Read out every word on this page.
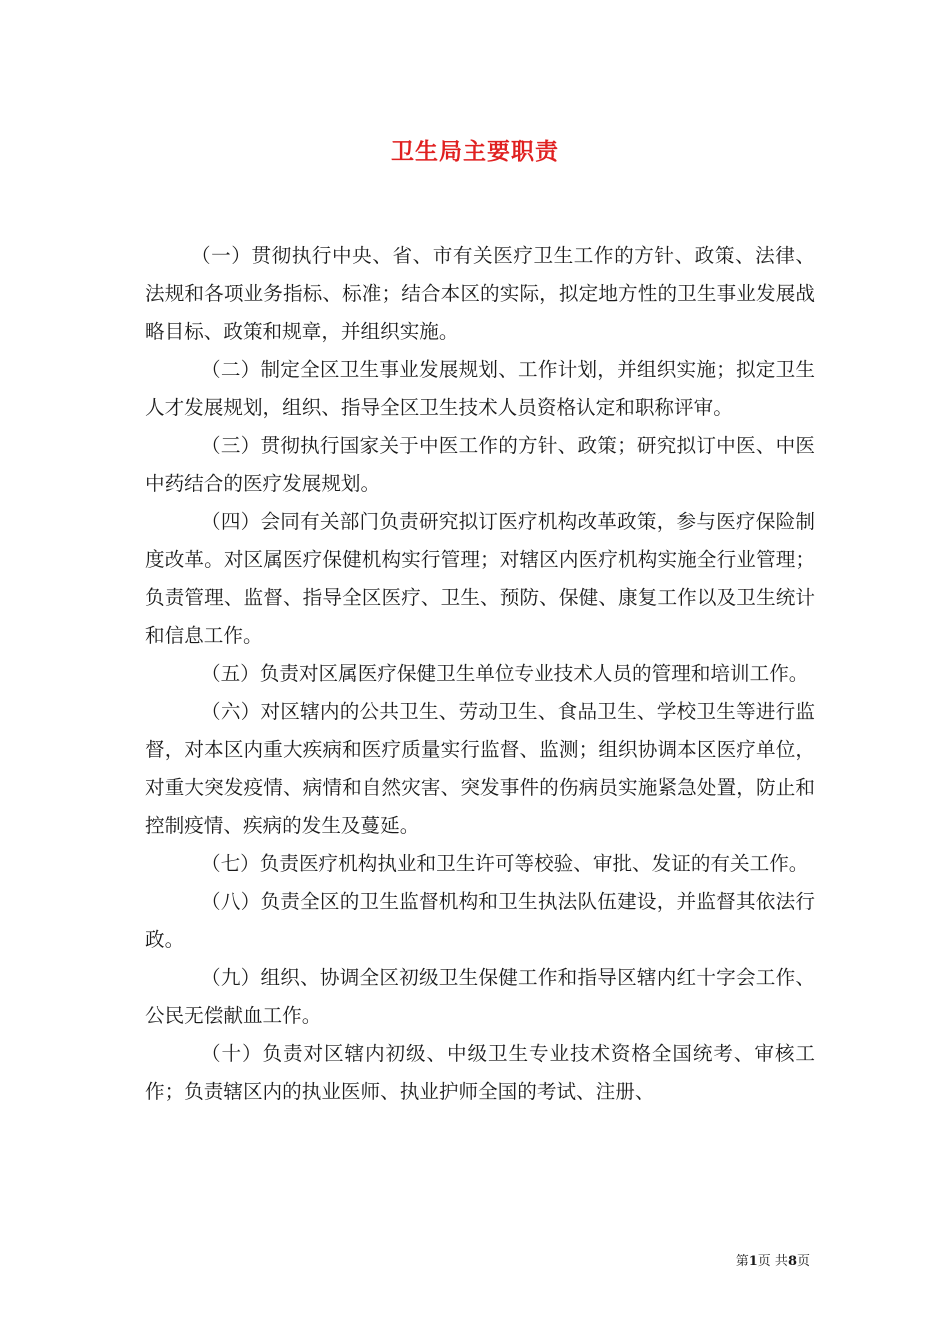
卫生局主要职责

（一）贯彻执行中央、省、市有关医疗卫生工作的方针、政策、法律、法规和各项业务指标、标准；结合本区的实际，拟定地方性的卫生事业发展战略目标、政策和规章，并组织实施。

（二）制定全区卫生事业发展规划、工作计划，并组织实施；拟定卫生人才发展规划，组织、指导全区卫生技术人员资格认定和职称评审。

（三）贯彻执行国家关于中医工作的方针、政策；研究拟订中医、中医中药结合的医疗发展规划。

（四）会同有关部门负责研究拟订医疗机构改革政策，参与医疗保险制度改革。对区属医疗保健机构实行管理；对辖区内医疗机构实施全行业管理；负责管理、监督、指导全区医疗、卫生、预防、保健、康复工作以及卫生统计和信息工作。

（五）负责对区属医疗保健卫生单位专业技术人员的管理和培训工作。

（六）对区辖内的公共卫生、劳动卫生、食品卫生、学校卫生等进行监督，对本区内重大疾病和医疗质量实行监督、监测；组织协调本区医疗单位，对重大突发疫情、病情和自然灾害、突发事件的伤病员实施紧急处置，防止和控制疫情、疾病的发生及蔓延。

（七）负责医疗机构执业和卫生许可等校验、审批、发证的有关工作。

（八）负责全区的卫生监督机构和卫生执法队伍建设，并监督其依法行政。

（九）组织、协调全区初级卫生保健工作和指导区辖内红十字会工作、公民无偿献血工作。

（十）负责对区辖内初级、中级卫生专业技术资格全国统考、审核工作；负责辖区内的执业医师、执业护师全国的考试、注册、

第1页 共8页
